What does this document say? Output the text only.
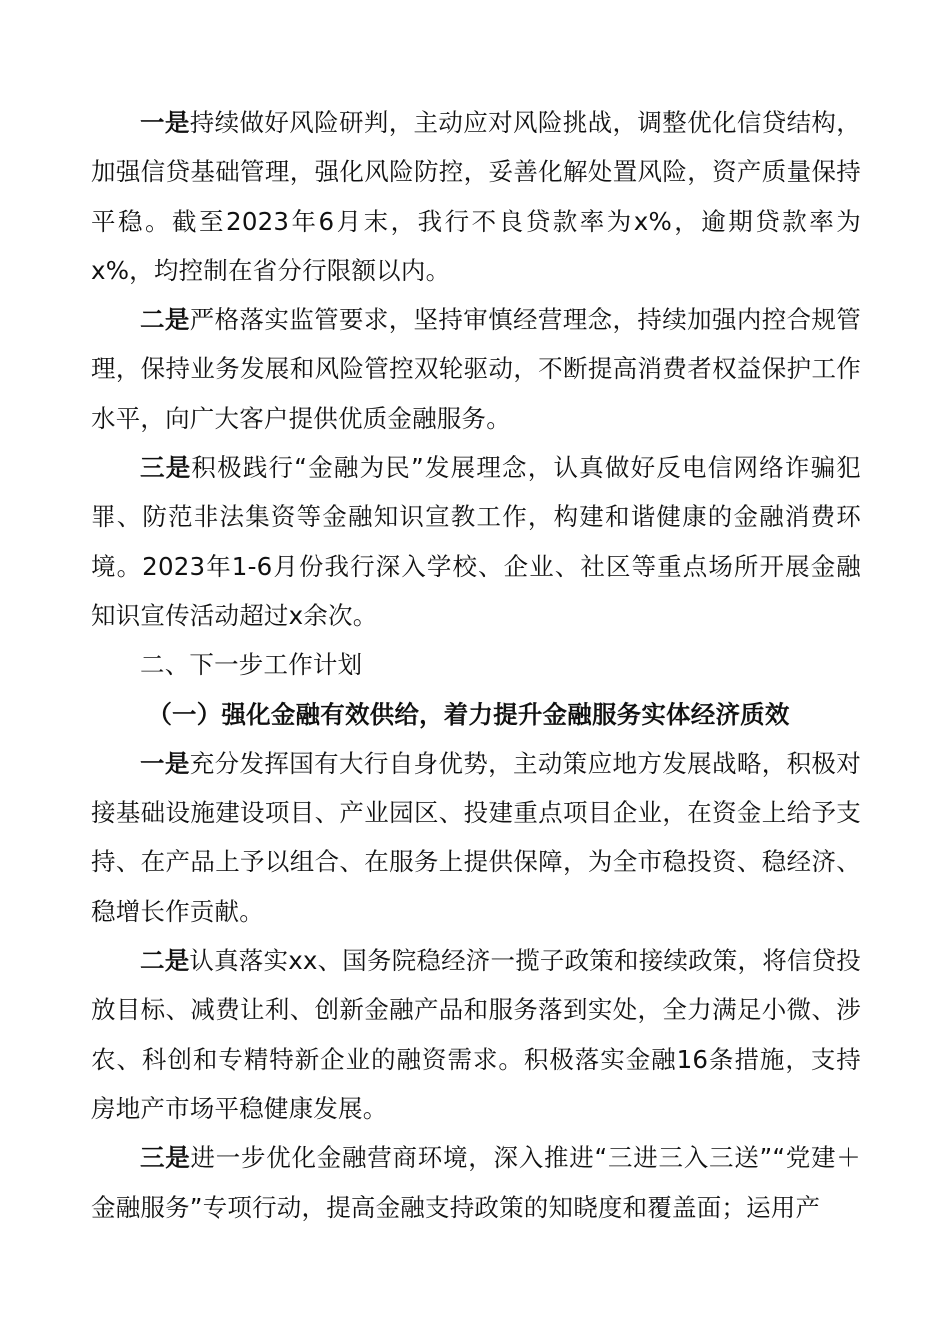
一是持续做好风险研判，主动应对风险挑战，调整优化信贷结构，加强信贷基础管理，强化风险防控，妥善化解处置风险，资产质量保持平稳。截至2023年6月末，我行不良贷款率为x%，逾期贷款率为x%，均控制在省分行限额以内。

二是严格落实监管要求，坚持审慎经营理念，持续加强内控合规管理，保持业务发展和风险管控双轮驱动，不断提高消费者权益保护工作水平，向广大客户提供优质金融服务。

三是积极践行“金融为民”发展理念，认真做好反电信网络诈骗犯罪、防范非法集资等金融知识宣教工作，构建和谐健康的金融消费环境。2023年1-6月份我行深入学校、企业、社区等重点场所开展金融知识宣传活动超过x余次。

二、下一步工作计划

（一）强化金融有效供给，着力提升金融服务实体经济质效

一是充分发挥国有大行自身优势，主动策应地方发展战略，积极对接基础设施建设项目、产业园区、投建重点项目企业，在资金上给予支持、在产品上予以组合、在服务上提供保障，为全市稳投资、稳经济、稳增长作贡献。

二是认真落实xx、国务院稳经济一揽子政策和接续政策，将信贷投放目标、减费让利、创新金融产品和服务落到实处，全力满足小微、涉农、科创和专精特新企业的融资需求。积极落实金融16条措施，支持房地产市场平稳健康发展。

三是进一步优化金融营商环境，深入推进“三进三入三送”“党建＋金融服务”专项行动，提高金融支持政策的知晓度和覆盖面；运用产
